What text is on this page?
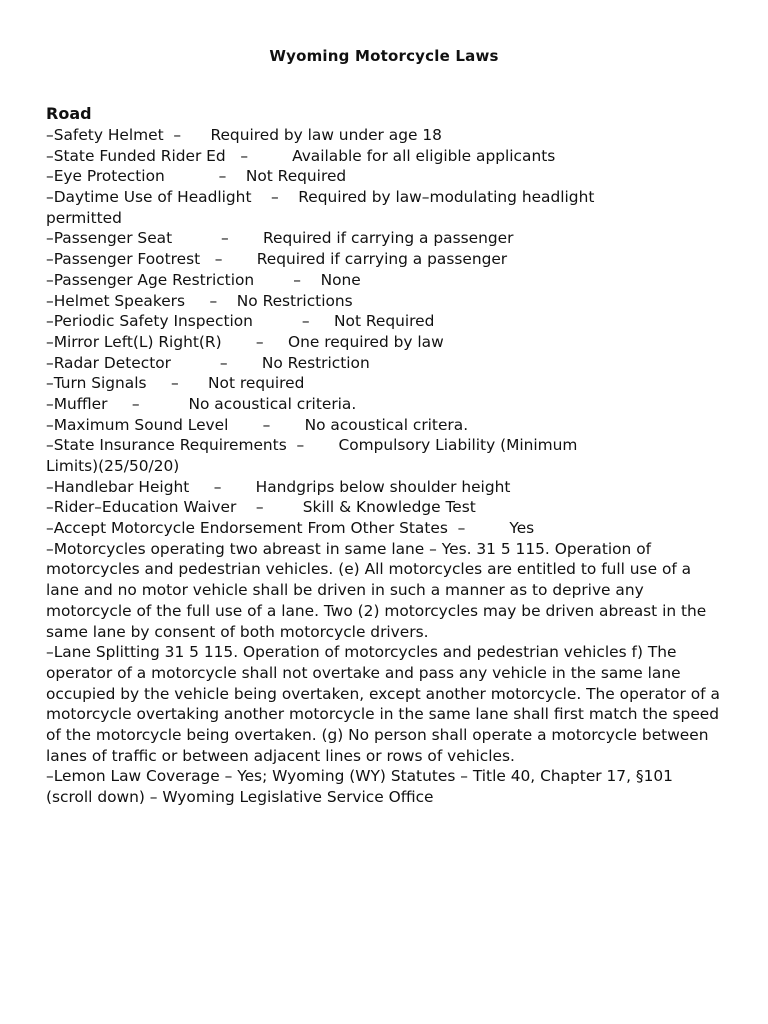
Wyoming Motorcycle Laws
Road
–Safety Helmet  –      Required by law under age 18
–State Funded Rider Ed   –         Available for all eligible applicants
–Eye Protection           –    Not Required
–Daytime Use of Headlight    –    Required by law–modulating headlight
permitted
–Passenger Seat          –       Required if carrying a passenger
–Passenger Footrest   –       Required if carrying a passenger
–Passenger Age Restriction        –    None
–Helmet Speakers     –    No Restrictions
–Periodic Safety Inspection          –     Not Required
–Mirror Left(L) Right(R)       –     One required by law
–Radar Detector          –       No Restriction
–Turn Signals     –      Not required
–Muffler     –          No acoustical criteria.
–Maximum Sound Level       –       No acoustical critera.
–State Insurance Requirements  –       Compulsory Liability (Minimum
Limits)(25/50/20)
–Handlebar Height     –       Handgrips below shoulder height
–Rider–Education Waiver    –        Skill & Knowledge Test
–Accept Motorcycle Endorsement From Other States  –         Yes
–Motorcycles operating two abreast in same lane – Yes. 31 5 115. Operation of motorcycles and pedestrian vehicles. (e) All motorcycles are entitled to full use of a lane and no motor vehicle shall be driven in such a manner as to deprive any motorcycle of the full use of a lane. Two (2) motorcycles may be driven abreast in the same lane by consent of both motorcycle drivers.
–Lane Splitting 31 5 115. Operation of motorcycles and pedestrian vehicles f) The operator of a motorcycle shall not overtake and pass any vehicle in the same lane occupied by the vehicle being overtaken, except another motorcycle. The operator of a motorcycle overtaking another motorcycle in the same lane shall first match the speed of the motorcycle being overtaken. (g) No person shall operate a motorcycle between lanes of traffic or between adjacent lines or rows of vehicles.
–Lemon Law Coverage – Yes; Wyoming (WY) Statutes – Title 40, Chapter 17, §101 (scroll down) – Wyoming Legislative Service Office
